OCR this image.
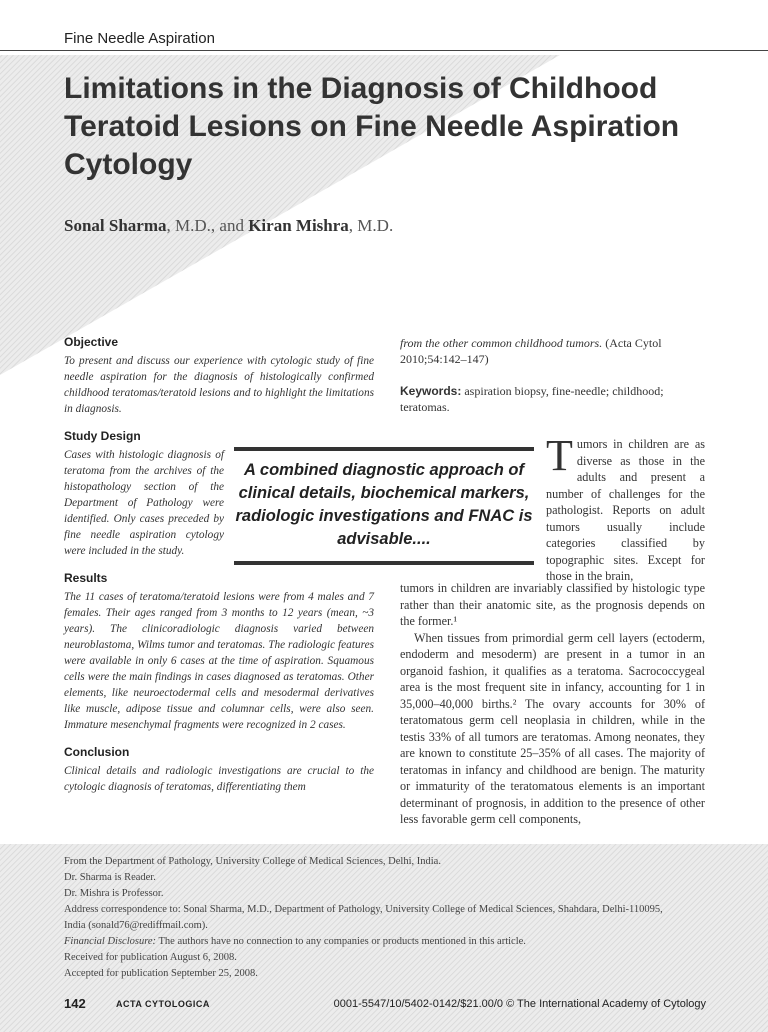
Fine Needle Aspiration
Limitations in the Diagnosis of Childhood Teratoid Lesions on Fine Needle Aspiration Cytology
Sonal Sharma, M.D., and Kiran Mishra, M.D.
Objective

To present and discuss our experience with cytologic study of fine needle aspiration for the diagnosis of histologically confirmed childhood teratomas/teratoid lesions and to highlight the limitations in diagnosis.

Study Design

Cases with histologic diagnosis of teratoma from the archives of the histopathology section of the Department of Pathology were identified. Only cases preceded by fine needle aspiration cytology were included in the study.

Results

The 11 cases of teratoma/teratoid lesions were from 4 males and 7 females. Their ages ranged from 3 months to 12 years (mean, ~3 years). The clinicoradiologic diagnosis varied between neuroblastoma, Wilms tumor and teratomas. The radiologic features were available in only 6 cases at the time of aspiration. Squamous cells were the main findings in cases diagnosed as teratomas. Other elements, like neuroectodermal cells and mesodermal derivatives like muscle, adipose tissue and columnar cells, were also seen. Immature mesenchymal fragments were recognized in 2 cases.

Conclusion

Clinical details and radiologic investigations are crucial to the cytologic diagnosis of teratomas, differentiating them

from the other common childhood tumors. (Acta Cytol 2010;54:142–147)

Keywords: aspiration biopsy, fine-needle; childhood; teratomas.
A combined diagnostic approach of clinical details, biochemical markers, radiologic investigations and FNAC is advisable....
Tumors in children are as diverse as those in the adults and present a number of challenges for the pathologist. Reports on adult tumors usually include categories classified by topographic sites. Except for those in the brain,

tumors in children are invariably classified by histologic type rather than their anatomic site, as the prognosis depends on the former.¹

When tissues from primordial germ cell layers (ectoderm, endoderm and mesoderm) are present in a tumor in an organoid fashion, it qualifies as a teratoma. Sacrococcygeal area is the most frequent site in infancy, accounting for 1 in 35,000–40,000 births.² The ovary accounts for 30% of teratomatous germ cell neoplasia in children, while in the testis 33% of all tumors are teratomas. Among neonates, they are known to constitute 25–35% of all cases. The majority of teratomas in infancy and childhood are benign. The maturity or immaturity of the teratomatous elements is an important determinant of prognosis, in addition to the presence of other less favorable germ cell components,

From the Department of Pathology, University College of Medical Sciences, Delhi, India.
Dr. Sharma is Reader.
Dr. Mishra is Professor.
Address correspondence to: Sonal Sharma, M.D., Department of Pathology, University College of Medical Sciences, Shahdara, Delhi-110095,
India (sonald76@rediffmail.com).
Financial Disclosure: The authors have no connection to any companies or products mentioned in this article.
Received for publication August 6, 2008.
Accepted for publication September 25, 2008.
142	ACTA CYTOLOGICA	0001-5547/10/5402-0142/$21.00/0 © The International Academy of Cytology
